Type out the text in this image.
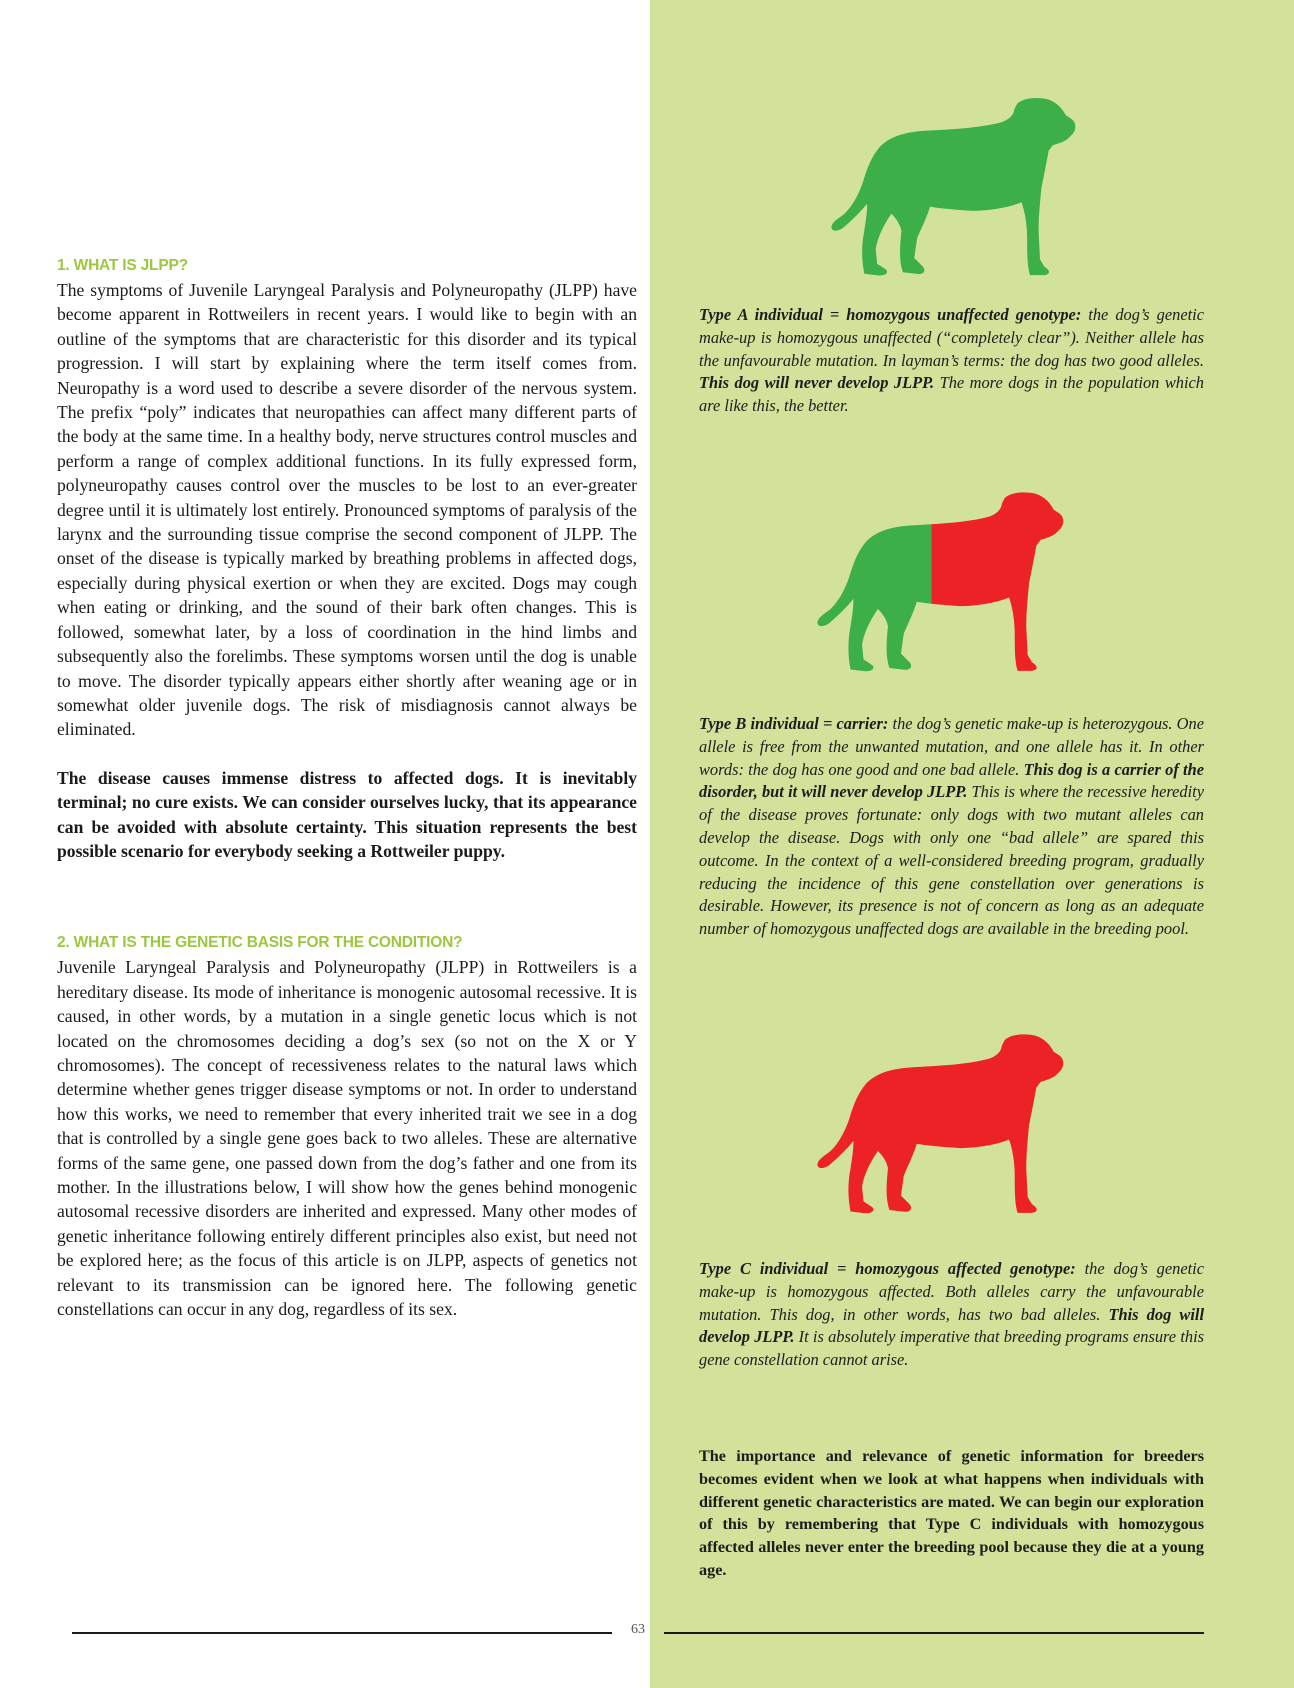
1. WHAT IS JLPP?

The symptoms of Juvenile Laryngeal Paralysis and Polyneuropathy (JLPP) have become apparent in Rottweilers in recent years. I would like to begin with an outline of the symptoms that are characteristic for this disorder and its typical progression. I will start by explaining where the term itself comes from. Neuropathy is a word used to describe a severe disorder of the nervous system. The prefix “poly” indicates that neuropathies can affect many different parts of the body at the same time. In a healthy body, nerve structures control muscles and perform a range of complex additional functions. In its fully expressed form, polyneuropathy causes control over the muscles to be lost to an ever-greater degree until it is ultimately lost entirely. Pronounced symptoms of paralysis of the larynx and the surrounding tissue comprise the second component of JLPP. The onset of the disease is typically marked by breathing problems in affected dogs, especially during physical exertion or when they are excited. Dogs may cough when eating or drinking, and the sound of their bark often changes. This is followed, somewhat later, by a loss of coordination in the hind limbs and subsequently also the forelimbs. These symptoms worsen until the dog is unable to move. The disorder typically appears either shortly after weaning age or in somewhat older juvenile dogs. The risk of misdiagnosis cannot always be eliminated.

The disease causes immense distress to affected dogs. It is inevitably terminal; no cure exists. We can consider ourselves lucky, that its appearance can be avoided with absolute certainty. This situation represents the best possible scenario for everybody seeking a Rottweiler puppy.

2. WHAT IS THE GENETIC BASIS FOR THE CONDITION?

Juvenile Laryngeal Paralysis and Polyneuropathy (JLPP) in Rottweilers is a hereditary disease. Its mode of inheritance is monogenic autosomal recessive. It is caused, in other words, by a mutation in a single genetic locus which is not located on the chromosomes deciding a dog’s sex (so not on the X or Y chromosomes). The concept of recessiveness relates to the natural laws which determine whether genes trigger disease symptoms or not. In order to understand how this works, we need to remember that every inherited trait we see in a dog that is controlled by a single gene goes back to two alleles. These are alternative forms of the same gene, one passed down from the dog’s father and one from its mother. In the illustrations below, I will show how the genes behind monogenic autosomal recessive disorders are inherited and expressed. Many other modes of genetic inheritance following entirely different principles also exist, but need not be explored here; as the focus of this article is on JLPP, aspects of genetics not relevant to its transmission can be ignored here. The following genetic constellations can occur in any dog, regardless of its sex.

Type A individual = homozygous unaffected genotype: the dog’s genetic make-up is homozygous unaffected (“completely clear”). Neither allele has the unfavourable mutation. In layman’s terms: the dog has two good alleles. This dog will never develop JLPP. The more dogs in the population which are like this, the better.

Type B individual = carrier: the dog’s genetic make-up is heterozygous. One allele is free from the unwanted mutation, and one allele has it. In other words: the dog has one good and one bad allele. This dog is a carrier of the disorder, but it will never develop JLPP. This is where the recessive heredity of the disease proves fortunate: only dogs with two mutant alleles can develop the disease. Dogs with only one “bad allele” are spared this outcome. In the context of a well-considered breeding program, gradually reducing the incidence of this gene constellation over generations is desirable. However, its presence is not of concern as long as an adequate number of homozygous unaffected dogs are available in the breeding pool.

Type C individual = homozygous affected genotype: the dog’s genetic make-up is homozygous affected. Both alleles carry the unfavourable mutation. This dog, in other words, has two bad alleles. This dog will develop JLPP. It is absolutely imperative that breeding programs ensure this gene constellation cannot arise.

The importance and relevance of genetic information for breeders becomes evident when we look at what happens when individuals with different genetic characteristics are mated. We can begin our exploration of this by remembering that Type C individuals with homozygous affected alleles never enter the breeding pool because they die at a young age.

63
